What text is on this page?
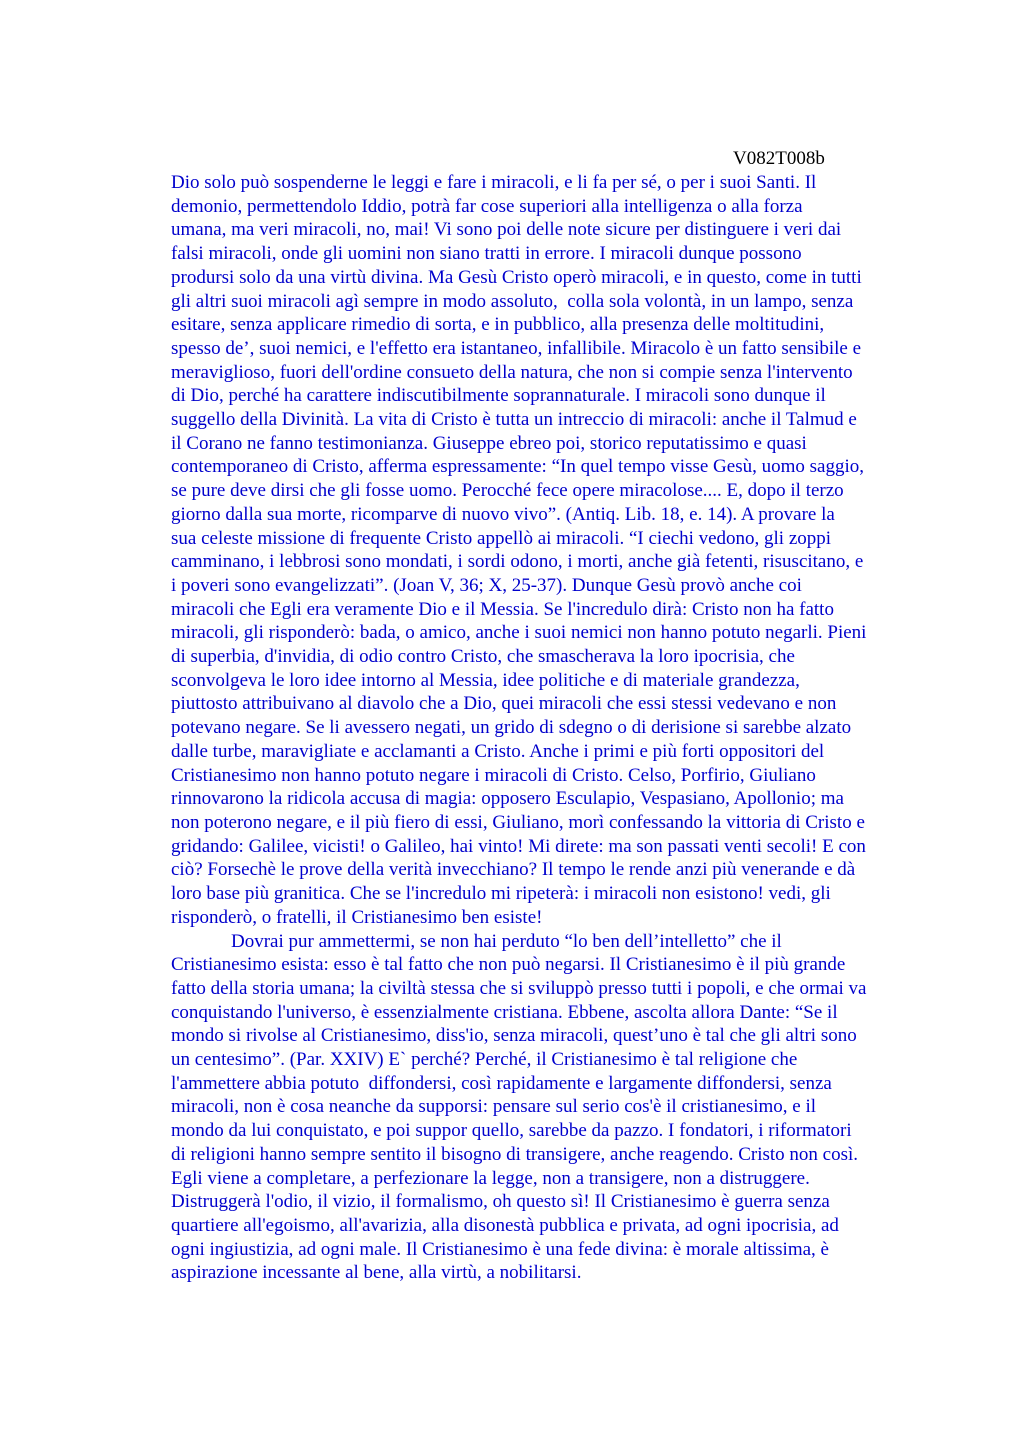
V082T008b
Dio solo può sospenderne le leggi e fare i miracoli, e li fa per sé, o per i suoi Santi. Il
demonio, permettendolo Iddio, potrà far cose superiori alla intelligenza o alla forza
umana, ma veri miracoli, no, mai! Vi sono poi delle note sicure per distinguere i veri dai
falsi miracoli, onde gli uomini non siano tratti in errore. I miracoli dunque possono
prodursi solo da una virtù divina. Ma Gesù Cristo operò miracoli, e in questo, come in tutti
gli altri suoi miracoli agì sempre in modo assoluto,  colla sola volontà, in un lampo, senza
esitare, senza applicare rimedio di sorta, e in pubblico, alla presenza delle moltitudini,
spesso de’, suoi nemici, e l'effetto era istantaneo, infallibile. Miracolo è un fatto sensibile e
meraviglioso, fuori dell'ordine consueto della natura, che non si compie senza l'intervento
di Dio, perché ha carattere indiscutibilmente soprannaturale. I miracoli sono dunque il
suggello della Divinità. La vita di Cristo è tutta un intreccio di miracoli: anche il Talmud e
il Corano ne fanno testimonianza. Giuseppe ebreo poi, storico reputatissimo e quasi
contemporaneo di Cristo, afferma espressamente: “In quel tempo visse Gesù, uomo saggio,
se pure deve dirsi che gli fosse uomo. Perocché fece opere miracolose.... E, dopo il terzo
giorno dalla sua morte, ricomparve di nuovo vivo”. (Antiq. Lib. 18, e. 14). A provare la
sua celeste missione di frequente Cristo appellò ai miracoli. “I ciechi vedono, gli zoppi
camminano, i lebbrosi sono mondati, i sordi odono, i morti, anche già fetenti, risuscitano, e
i poveri sono evangelizzati”. (Joan V, 36; X, 25-37). Dunque Gesù provò anche coi
miracoli che Egli era veramente Dio e il Messia. Se l'incredulo dirà: Cristo non ha fatto
miracoli, gli risponderò: bada, o amico, anche i suoi nemici non hanno potuto negarli. Pieni
di superbia, d'invidia, di odio contro Cristo, che smascherava la loro ipocrisia, che
sconvolgeva le loro idee intorno al Messia, idee politiche e di materiale grandezza,
piuttosto attribuivano al diavolo che a Dio, quei miracoli che essi stessi vedevano e non
potevano negare. Se li avessero negati, un grido di sdegno o di derisione si sarebbe alzato
dalle turbe, maravigliate e acclamanti a Cristo. Anche i primi e più forti oppositori del
Cristianesimo non hanno potuto negare i miracoli di Cristo. Celso, Porfirio, Giuliano
rinnovarono la ridicola accusa di magia: opposero Esculapio, Vespasiano, Apollonio; ma
non poterono negare, e il più fiero di essi, Giuliano, morì confessando la vittoria di Cristo e
gridando: Galilee, vicisti! o Galileo, hai vinto! Mi direte: ma son passati venti secoli! E con
ciò? Forsechè le prove della verità invecchiano? Il tempo le rende anzi più venerande e dà
loro base più granitica. Che se l'incredulo mi ripeterà: i miracoli non esistono! vedi, gli
risponderò, o fratelli, il Cristianesimo ben esiste!
Dovrai pur ammettermi, se non hai perduto “lo ben dell’intelletto” che il
Cristianesimo esista: esso è tal fatto che non può negarsi. Il Cristianesimo è il più grande
fatto della storia umana; la civiltà stessa che si sviluppò presso tutti i popoli, e che ormai va
conquistando l'universo, è essenzialmente cristiana. Ebbene, ascolta allora Dante: “Se il
mondo si rivolse al Cristianesimo, diss'io, senza miracoli, quest’uno è tal che gli altri sono
un centesimo”. (Par. XXIV) E` perché? Perché, il Cristianesimo è tal religione che
l'ammettere abbia potuto  diffondersi, così rapidamente e largamente diffondersi, senza
miracoli, non è cosa neanche da supporsi: pensare sul serio cos'è il cristianesimo, e il
mondo da lui conquistato, e poi suppor quello, sarebbe da pazzo. I fondatori, i riformatori
di religioni hanno sempre sentito il bisogno di transigere, anche reagendo. Cristo non così.
Egli viene a completare, a perfezionare la legge, non a transigere, non a distruggere.
Distruggerà l'odio, il vizio, il formalismo, oh questo sì! Il Cristianesimo è guerra senza
quartiere all'egoismo, all'avarizia, alla disonestà pubblica e privata, ad ogni ipocrisia, ad
ogni ingiustizia, ad ogni male. Il Cristianesimo è una fede divina: è morale altissima, è
aspirazione incessante al bene, alla virtù, a nobilitarsi.
